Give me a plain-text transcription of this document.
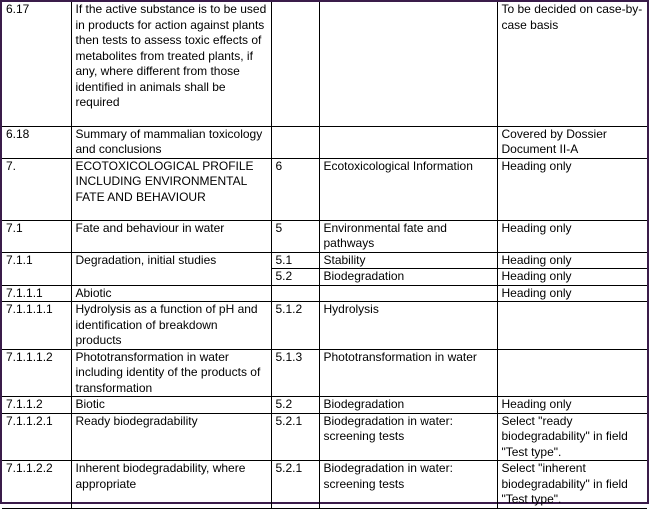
6.17	If the active substance is to be used in products for action against plants then tests to assess toxic effects of metabolites from treated plants, if any, where different from those identified in animals shall be required			To be decided on case-by-case basis
6.18	Summary of mammalian toxicology and conclusions			Covered by Dossier Document II-A
7.	ECOTOXICOLOGICAL PROFILE INCLUDING ENVIRONMENTAL FATE AND BEHAVIOUR	6	Ecotoxicological Information	Heading only
7.1	Fate and behaviour in water	5	Environmental fate and pathways	Heading only
7.1.1	Degradation, initial studies	5.1	Stability	Heading only
		5.2	Biodegradation	Heading only
7.1.1.1	Abiotic			Heading only
7.1.1.1.1	Hydrolysis as a function of pH and identification of breakdown products	5.1.2	Hydrolysis	
7.1.1.1.2	Phototransformation in water including identity of the products of transformation	5.1.3	Phototransformation in water	
7.1.1.2	Biotic	5.2	Biodegradation	Heading only
7.1.1.2.1	Ready biodegradability	5.2.1	Biodegradation in water: screening tests	Select "ready biodegradability" in field "Test type".
7.1.1.2.2	Inherent biodegradability, where appropriate	5.2.1	Biodegradation in water: screening tests	Select "inherent biodegradability" in field "Test type".
